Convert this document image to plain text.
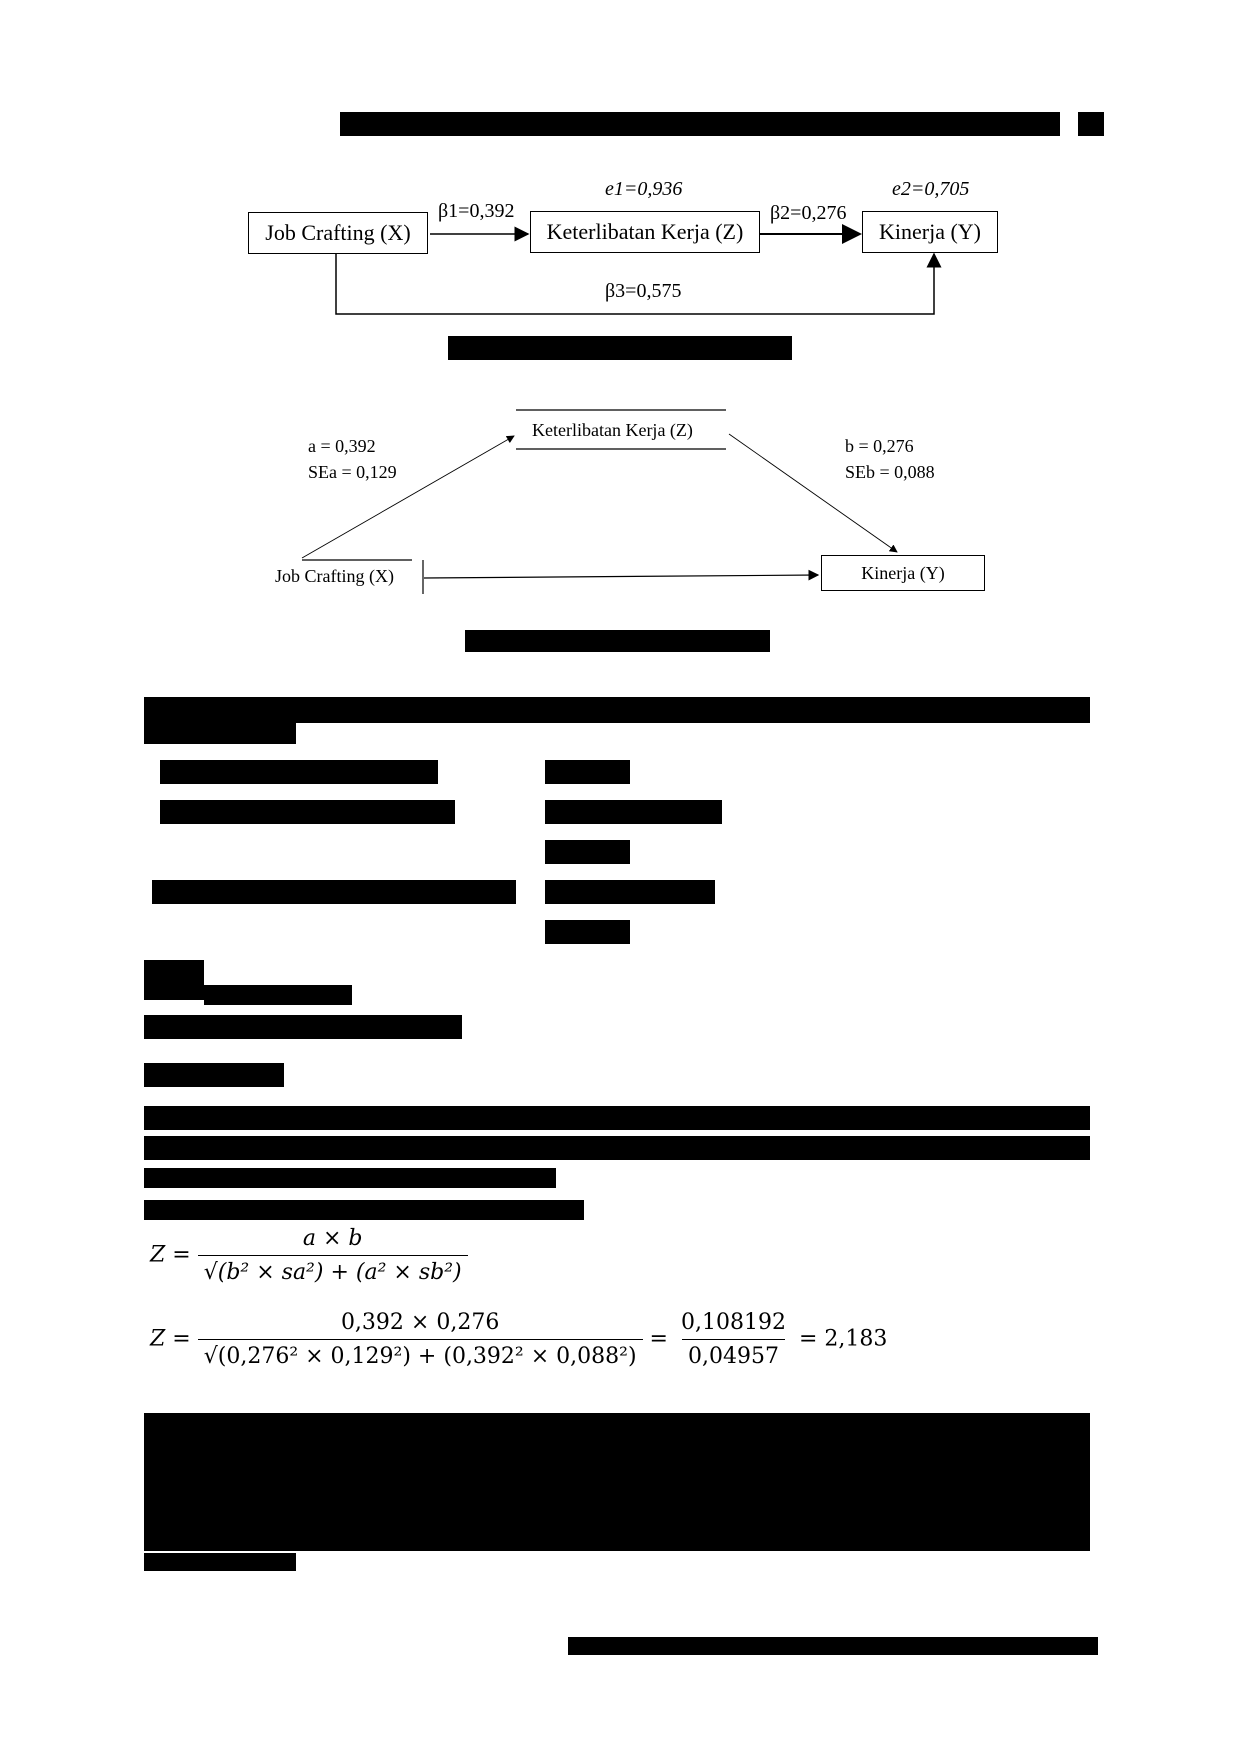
Job Crafting (X)	Keterlibatan Kerja (Z)	Kinerja (Y)
β1=0,392	β2=0,276
β3=0,575
e1=0,936	e2=0,705
Keterlibatan Kerja (Z)
Job Crafting (X)	Kinerja (Y)
a = 0,392
SEa = 0,129
b = 0,276
SEb = 0,088
$Z = \frac{a \times b}{\text{√(b² × sa²) + (a² × sb²)}}$
$Z = \frac{0,392 \times 0,276}{\text{√(0,276² × 0,129²) + (0,392² × 0,088²)}} = \frac{0,108192}{0,04957} = 2,183$
